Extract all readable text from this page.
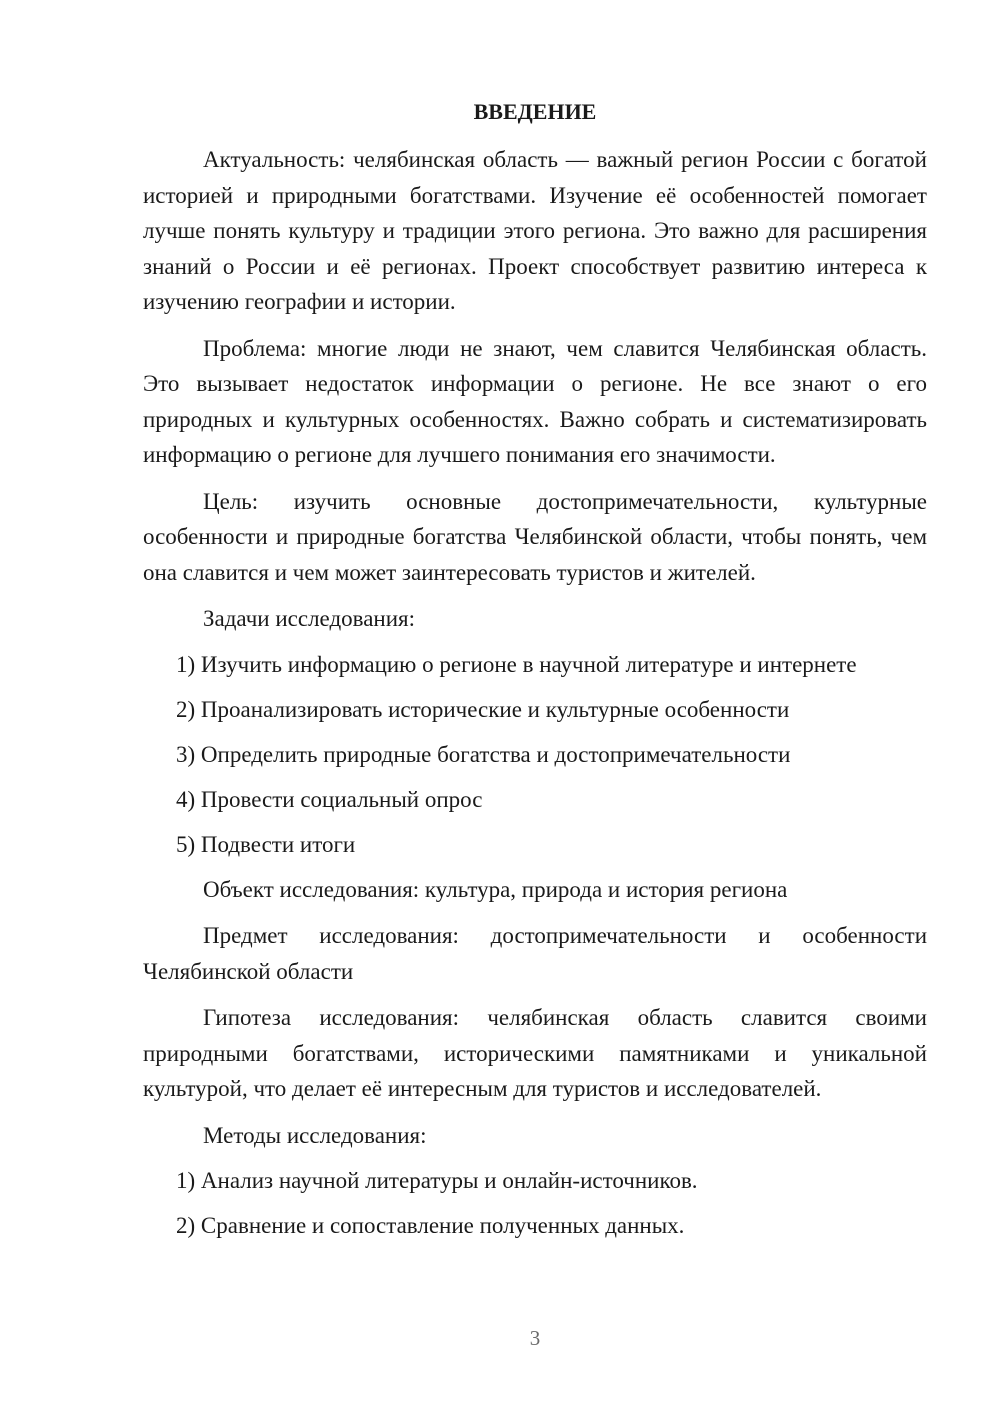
ВВЕДЕНИЕ

Актуальность: челябинская область — важный регион России с богатой историей и природными богатствами. Изучение её особенностей помогает лучше понять культуру и традиции этого региона. Это важно для расширения знаний о России и её регионах. Проект способствует развитию интереса к изучению географии и истории.

Проблема: многие люди не знают, чем славится Челябинская область. Это вызывает недостаток информации о регионе. Не все знают о его природных и культурных особенностях. Важно собрать и систематизировать информацию о регионе для лучшего понимания его значимости.

Цель: изучить основные достопримечательности, культурные особенности и природные богатства Челябинской области, чтобы понять, чем она славится и чем может заинтересовать туристов и жителей.

Задачи исследования:

1) Изучить информацию о регионе в научной литературе и интернете
2) Проанализировать исторические и культурные особенности
3) Определить природные богатства и достопримечательности
4) Провести социальный опрос
5) Подвести итоги

Объект исследования: культура, природа и история региона

Предмет исследования: достопримечательности и особенности Челябинской области

Гипотеза исследования: челябинская область славится своими природными богатствами, историческими памятниками и уникальной культурой, что делает её интересным для туристов и исследователей.

Методы исследования:

1) Анализ научной литературы и онлайн-источников.
2) Сравнение и сопоставление полученных данных.
3
